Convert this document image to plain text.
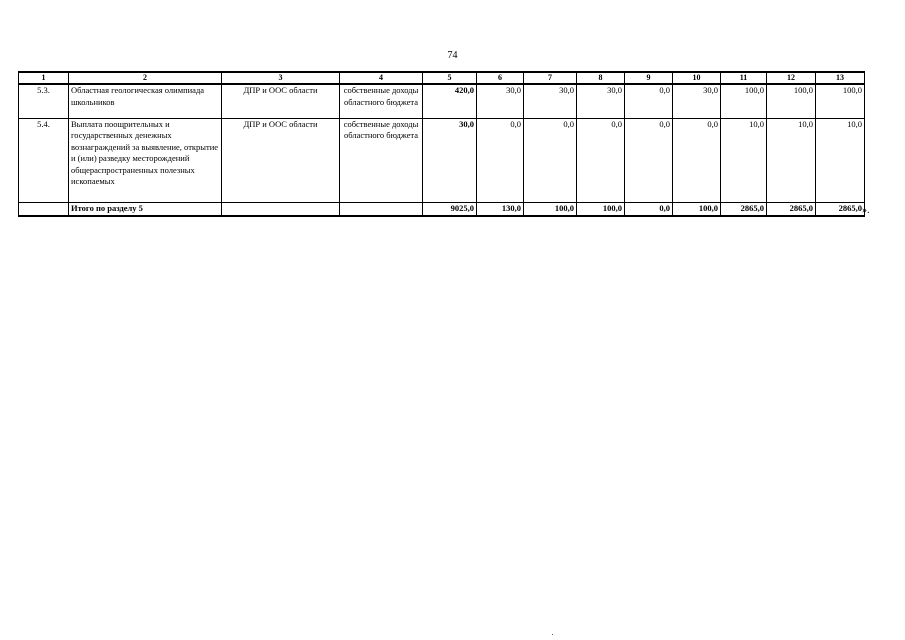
74
1	2	3	4	5	6	7	8	9	10	11	12	13
5.3.	Областная геологическая олимпиада школьников	ДПР и ООС области	собственные доходы областного бюджета	420,0	30,0	30,0	30,0	0,0	30,0	100,0	100,0	100,0
5.4.	Выплата поощрительных и государственных денежных вознаграждений за выявление, открытие и (или) разведку месторождений общераспространенных полезных ископаемых	ДПР и ООС области	собственные доходы областного бюджета	30,0	0,0	0,0	0,0	0,0	0,0	10,0	10,0	10,0
	Итого по разделу 5			9025,0	130,0	100,0	100,0	0,0	100,0	2865,0	2865,0	2865,0 ».
